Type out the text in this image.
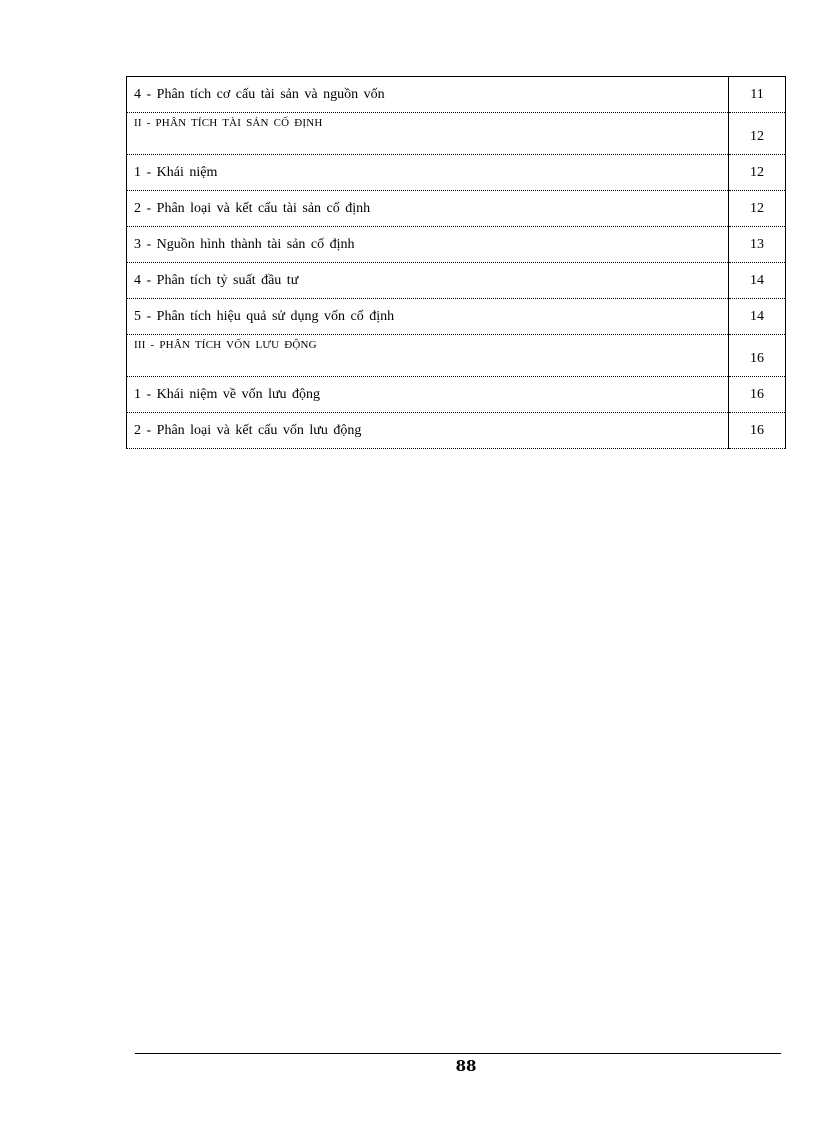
4 - Phân tích cơ cấu tài sản và nguồn vốn	11
II - PHÂN TÍCH TÀI SẢN CỐ ĐỊNH	12
1 - Khái niệm	12
2 - Phân loại và kết cấu tài sản cố định	12
3 - Nguồn hình thành tài sản cố định	13
4 - Phân tích tỷ suất đầu tư	14
5 - Phân tích hiệu quả sử dụng vốn cố định	14
III - PHÂN TÍCH VỐN LƯU ĐỘNG	16
1 - Khái niệm về vốn lưu động	16
2 - Phân loại và kết cấu vốn lưu động	16
88
